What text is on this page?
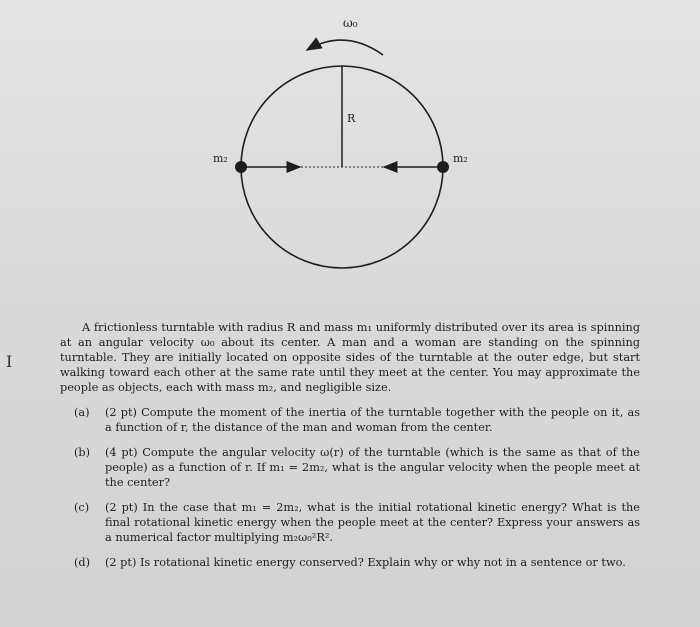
ω₀
R
m₂	m₂
I

A frictionless turntable with radius R and mass m₁ uniformly distributed over its area is spinning at an angular velocity ω₀ about its center. A man and a woman are standing on the spinning turntable. They are initially located on opposite sides of the turntable at the outer edge, but start walking toward each other at the same rate until they meet at the center. You may approximate the people as objects, each with mass m₂, and negligible size.

(a) (2 pt) Compute the moment of the inertia of the turntable together with the people on it, as a function of r, the distance of the man and woman from the center.
(b) (4 pt) Compute the angular velocity ω(r) of the turntable (which is the same as that of the people) as a function of r. If m₁ = 2m₂, what is the angular velocity when the people meet at the center?
(c) (2 pt) In the case that m₁ = 2m₂, what is the initial rotational kinetic energy? What is the final rotational kinetic energy when the people meet at the center? Express your answers as a numerical factor multiplying m₂ω₀²R².
(d) (2 pt) Is rotational kinetic energy conserved? Explain why or why not in a sentence or two.
